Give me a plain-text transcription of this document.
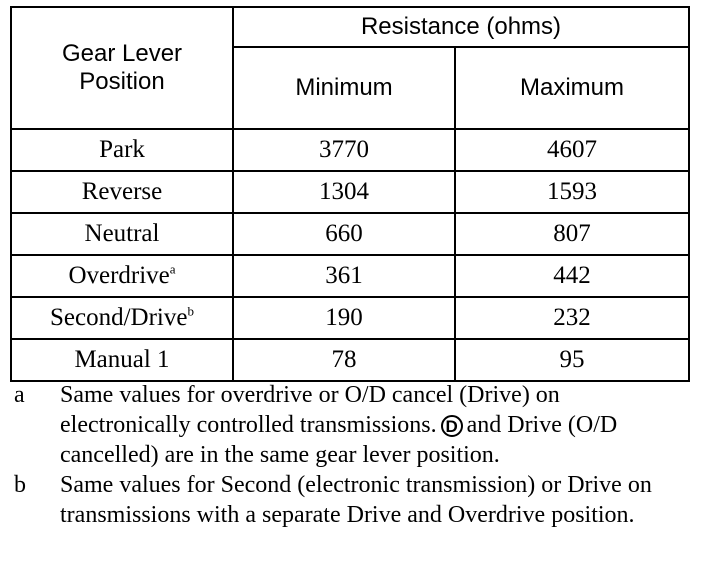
Gear Lever Position	Resistance (ohms)	
	Minimum	Maximum
Park	3770	4607
Reverse	1304	1593
Neutral	660	807
Overdrive$^a$	361	442
Second/Drive$^b$	190	232
Manual 1	78	95
a	Same values for overdrive or O/D cancel (Drive) on electronically controlled transmissions. D and Drive (O/D cancelled) are in the same gear lever position.
b	Same values for Second (electronic transmission) or Drive on transmissions with a separate Drive and Overdrive position.
